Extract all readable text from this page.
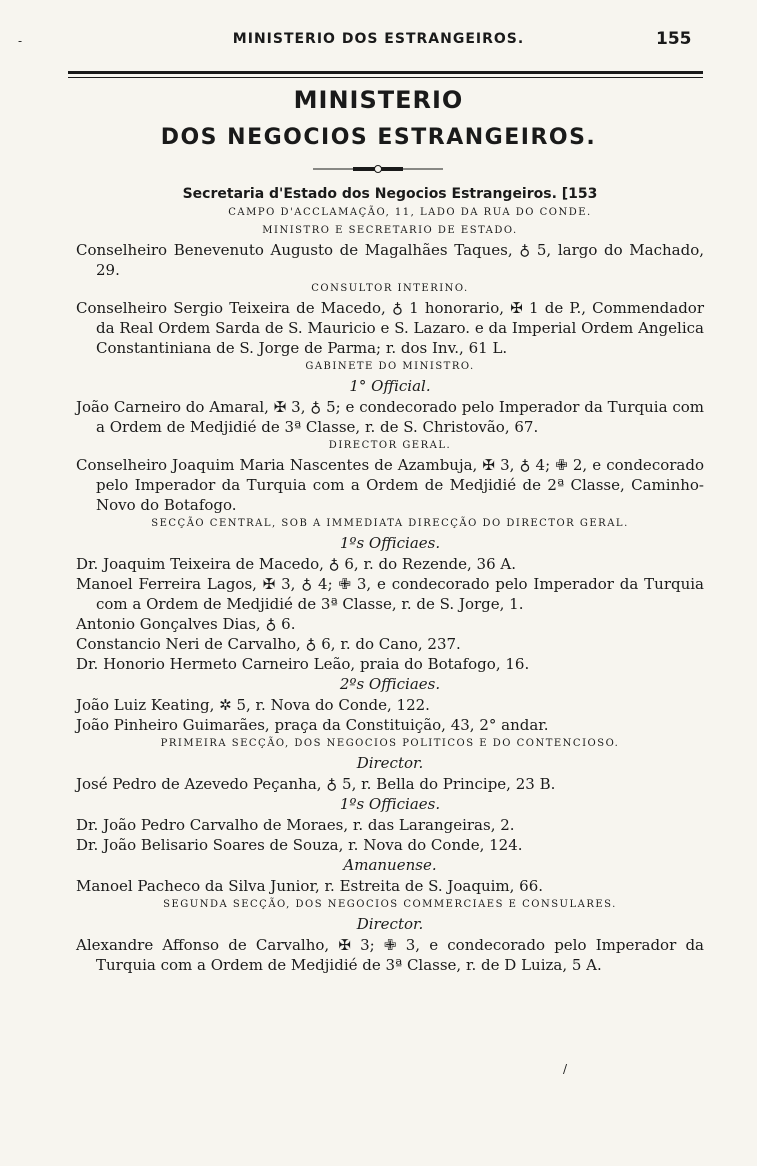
-	MINISTERIO DOS ESTRANGEIROS.	155
MINISTERIO
DOS NEGOCIOS ESTRANGEIROS.
Secretaria d'Estado dos Negocios Estrangeiros. [153
CAMPO D'ACCLAMAÇÃO, 11, LADO DA RUA DO CONDE.
MINISTRO E SECRETARIO DE ESTADO.

Conselheiro Benevenuto Augusto de Magalhães Taques, ♁ 5, largo do Machado, 29.

CONSULTOR INTERINO.

Conselheiro Sergio Teixeira de Macedo, ♁ 1 honorario, ✠ 1 de P., Commendador da Real Ordem Sarda de S. Mauricio e S. Lazaro. e da Imperial Ordem Angelica Constantiniana de S. Jorge de Parma; r. dos Inv., 61 L.

GABINETE DO MINISTRO.
1° Official.

João Carneiro do Amaral, ✠ 3, ♁ 5; e condecorado pelo Imperador da Turquia com a Ordem de Medjidié de 3ª Classe, r. de S. Christovão, 67.

DIRECTOR GERAL.

Conselheiro Joaquim Maria Nascentes de Azambuja, ✠ 3, ♁ 4; ✙ 2, e condecorado pelo Imperador da Turquia com a Ordem de Medjidié de 2ª Classe, Caminho-Novo do Botafogo.

SECÇÃO CENTRAL, SOB A IMMEDIATA DIRECÇÃO DO DIRECTOR GERAL.
1ºs Officiaes.

Dr. Joaquim Teixeira de Macedo, ♁ 6, r. do Rezende, 36 A.

Manoel Ferreira Lagos, ✠ 3, ♁ 4; ✙ 3, e condecorado pelo Imperador da Turquia com a Ordem de Medjidié de 3ª Classe, r. de S. Jorge, 1.

Antonio Gonçalves Dias, ♁ 6.

Constancio Neri de Carvalho, ♁ 6, r. do Cano, 237.

Dr. Honorio Hermeto Carneiro Leão, praia do Botafogo, 16.

2ºs Officiaes.

João Luiz Keating, ✲ 5, r. Nova do Conde, 122.

João Pinheiro Guimarães, praça da Constituição, 43, 2° andar.

PRIMEIRA SECÇÃO, DOS NEGOCIOS POLITICOS E DO CONTENCIOSO.
Director.

José Pedro de Azevedo Peçanha, ♁ 5, r. Bella do Principe, 23 B.

1ºs Officiaes.

Dr. João Pedro Carvalho de Moraes, r. das Larangeiras, 2.

Dr. João Belisario Soares de Souza, r. Nova do Conde, 124.

Amanuense.

Manoel Pacheco da Silva Junior, r. Estreita de S. Joaquim, 66.

SEGUNDA SECÇÃO, DOS NEGOCIOS COMMERCIAES E CONSULARES.
Director.

Alexandre Affonso de Carvalho, ✠ 3; ✙ 3, e condecorado pelo Imperador da Turquia com a Ordem de Medjidié de 3ª Classe, r. de D Luiza, 5 A.

/
